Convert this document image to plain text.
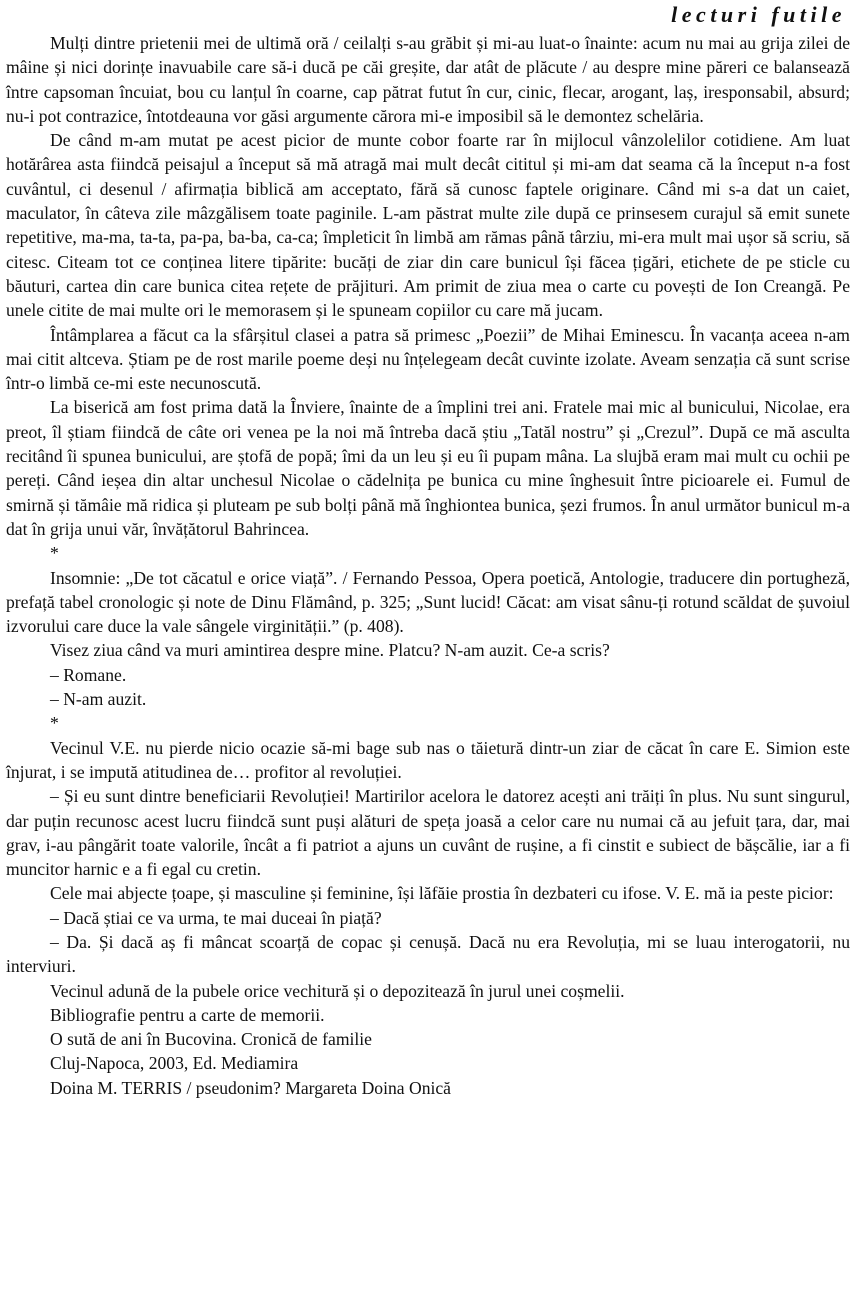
lecturi futile

Mulți dintre prietenii mei de ultimă oră / ceilalți s-au grăbit și mi-au luat-o înainte: acum nu mai au grija zilei de mâine și nici dorințe inavuabile care să-i ducă pe căi greșite, dar atât de plăcute / au despre mine păreri ce balansează între capsoman încuiat, bou cu lanțul în coarne, cap pătrat futut în cur, cinic, flecar, arogant, laș, iresponsabil, absurd; nu-i pot contrazice, întotdeauna vor găsi argumente cărora mi-e imposibil să le demontez schelăria.

De când m-am mutat pe acest picior de munte cobor foarte rar în mijlocul vânzolelilor cotidiene. Am luat hotărârea asta fiindcă peisajul a început să mă atragă mai mult decât cititul și mi-am dat seama că la început n-a fost cuvântul, ci desenul / afirmația biblică am acceptato, fără să cunosc faptele originare. Când mi s-a dat un caiet, maculator, în câteva zile mâzgălisem toate paginile. L-am păstrat multe zile după ce prinsesem curajul să emit sunete repetitive, ma-ma, ta-ta, pa-pa, ba-ba, ca-ca; împleticit în limbă am rămas până târziu, mi-era mult mai ușor să scriu, să citesc. Citeam tot ce conținea litere tipărite: bucăți de ziar din care bunicul își făcea țigări, etichete de pe sticle cu băuturi, cartea din care bunica citea rețete de prăjituri. Am primit de ziua mea o carte cu povești de Ion Creangă. Pe unele citite de mai multe ori le memorasem și le spuneam copiilor cu care mă jucam.

Întâmplarea a făcut ca la sfârșitul clasei a patra să primesc „Poezii” de Mihai Eminescu. În vacanța aceea n-am mai citit altceva. Știam pe de rost marile poeme deși nu înțelegeam decât cuvinte izolate. Aveam senzația că sunt scrise într-o limbă ce-mi este necunoscută.

La biserică am fost prima dată la Înviere, înainte de a împlini trei ani. Fratele mai mic al bunicului, Nicolae, era preot, îl știam fiindcă de câte ori venea pe la noi mă întreba dacă știu „Tatăl nostru” și „Crezul”. După ce mă asculta recitând îi spunea bunicului, are ștofă de popă; îmi da un leu și eu îi pupam mâna. La slujbă eram mai mult cu ochii pe pereți. Când ieșea din altar unchesul Nicolae o cădelnița pe bunica cu mine înghesuit între picioarele ei. Fumul de smirnă și tămâie mă ridica și pluteam pe sub bolți până mă înghiontea bunica, șezi frumos. În anul următor bunicul m-a dat în grija unui văr, învățătorul Bahrincea.

*

Insomnie: „De tot căcatul e orice viață”. / Fernando Pessoa, Opera poetică, Antologie, traducere din portugheză, prefață tabel cronologic și note de Dinu Flămând, p. 325; „Sunt lucid! Căcat: am visat sânu-ți rotund scăldat de șuvoiul izvorului care duce la vale sângele virginității.” (p. 408).

Visez ziua când va muri amintirea despre mine. Platcu? N-am auzit. Ce-a scris?

– Romane.

– N-am auzit.

*

Vecinul V.E. nu pierde nicio ocazie să-mi bage sub nas o tăietură dintr-un ziar de căcat în care E. Simion este înjurat, i se impută atitudinea de… profitor al revoluției.

– Și eu sunt dintre beneficiarii Revoluției! Martirilor acelora le datorez acești ani trăiți în plus. Nu sunt singurul, dar puțin recunosc acest lucru fiindcă sunt puși alături de speța joasă a celor care nu numai că au jefuit țara, dar, mai grav, i-au pângărit toate valorile, încât a fi patriot a ajuns un cuvânt de rușine, a fi cinstit e subiect de bășcălie, iar a fi muncitor harnic e a fi egal cu cretin.

Cele mai abjecte țoape, și masculine și feminine, își lăfăie prostia în dezbateri cu ifose. V. E. mă ia peste picior:

– Dacă știai ce va urma, te mai duceai în piață?

– Da. Și dacă aș fi mâncat scoarță de copac și cenușă. Dacă nu era Revoluția, mi se luau interogatorii, nu interviuri.

Vecinul adună de la pubele orice vechitură și o depozitează în jurul unei coșmelii.

Bibliografie pentru a carte de memorii.

O sută de ani în Bucovina. Cronică de familie

Cluj-Napoca, 2003, Ed. Mediamira

Doina M. TERRIS / pseudonim? Margareta Doina Onică
